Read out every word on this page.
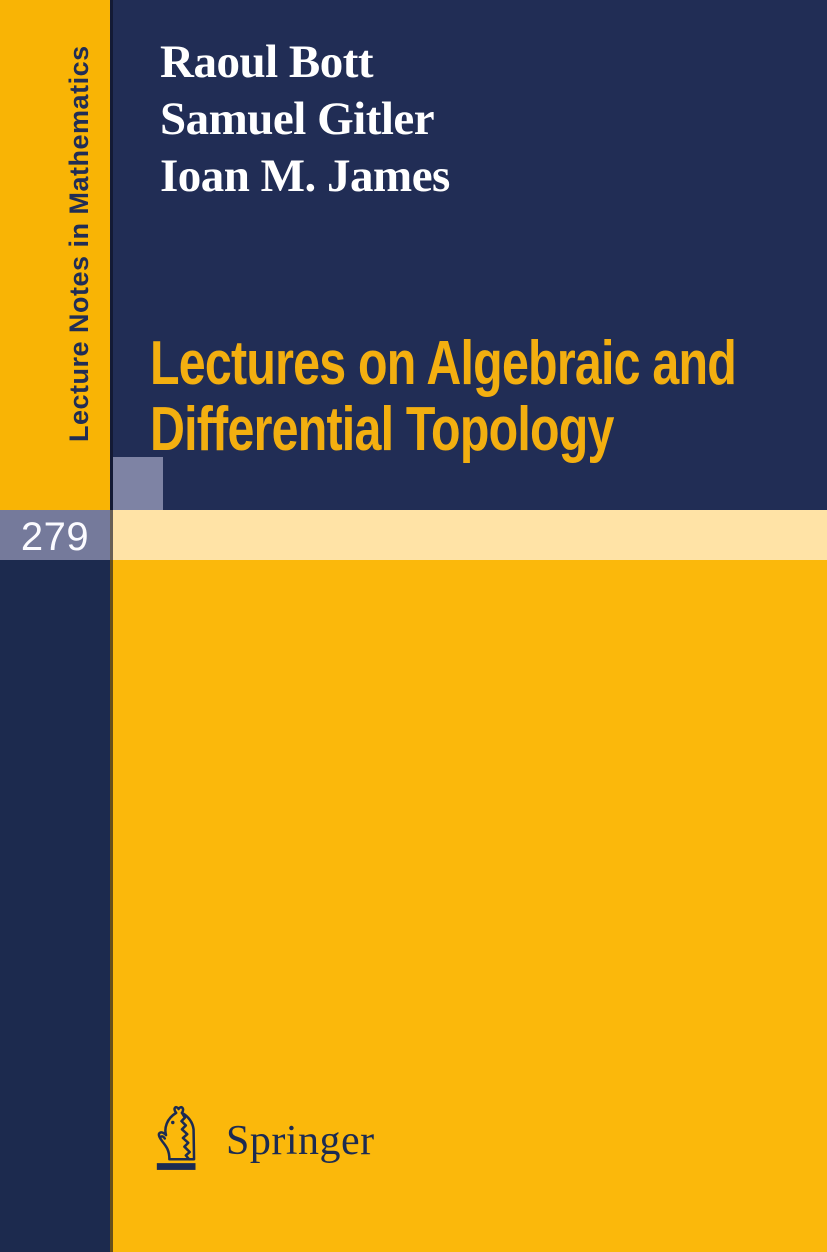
279
Lecture Notes in Mathematics Raoul Bott
Samuel Gitler
Ioan M. James
Lectures on Algebraic and
Differential Topology
Springer
